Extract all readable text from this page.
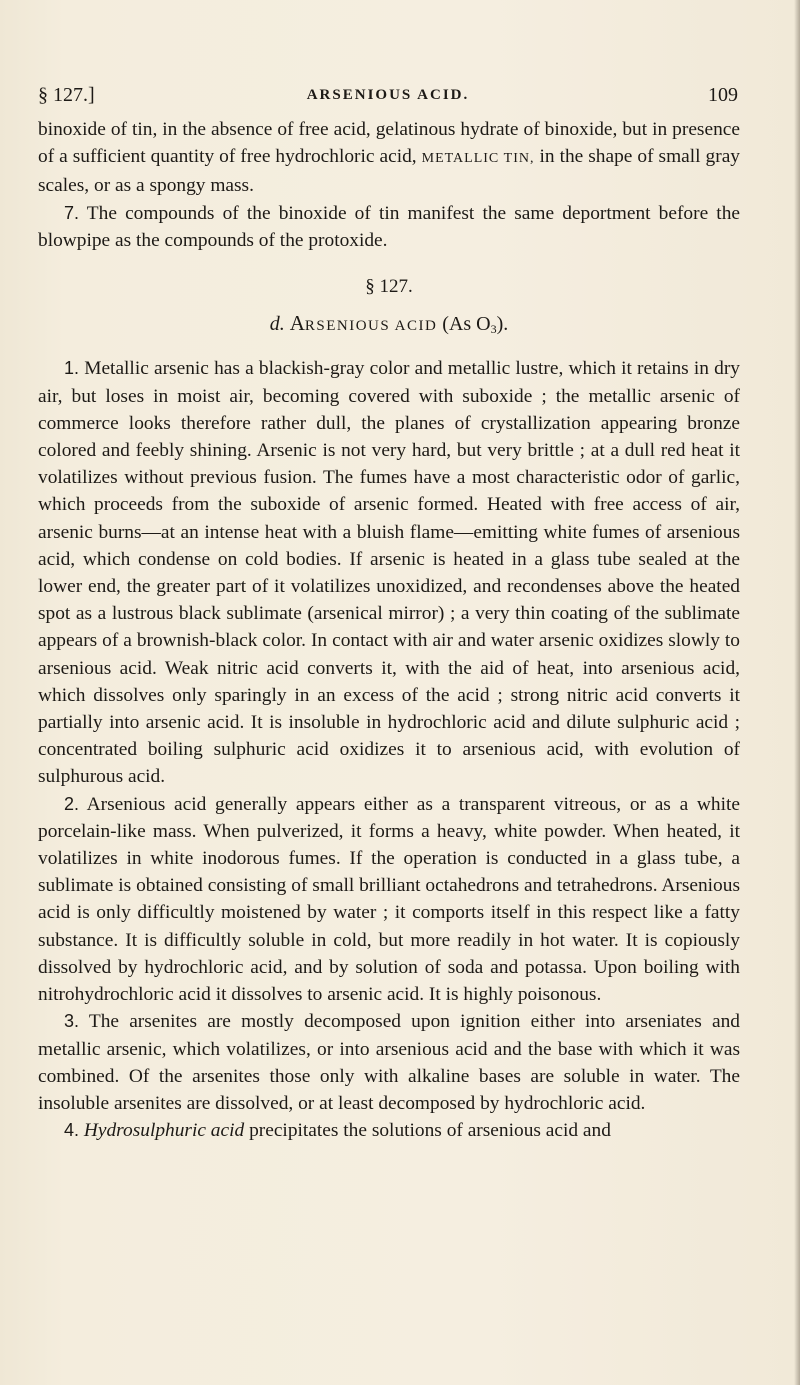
§ 127.]	ARSENIOUS ACID.	109

binoxide of tin, in the absence of free acid, gelatinous hydrate of binoxide, but in presence of a sufficient quantity of free hydrochloric acid, METALLIC TIN, in the shape of small gray scales, or as a spongy mass.

7. The compounds of the binoxide of tin manifest the same deportment before the blowpipe as the compounds of the protoxide.

§ 127.

d. ARSENIOUS ACID (As $O_3$).

1. Metallic arsenic has a blackish-gray color and metallic lustre, which it retains in dry air, but loses in moist air, becoming covered with suboxide ; the metallic arsenic of commerce looks therefore rather dull, the planes of crystallization appearing bronze colored and feebly shining. Arsenic is not very hard, but very brittle ; at a dull red heat it volatilizes without previous fusion. The fumes have a most characteristic odor of garlic, which proceeds from the suboxide of arsenic formed. Heated with free access of air, arsenic burns—at an intense heat with a bluish flame—emitting white fumes of arsenious acid, which condense on cold bodies. If arsenic is heated in a glass tube sealed at the lower end, the greater part of it volatilizes unoxidized, and recondenses above the heated spot as a lustrous black sublimate (arsenical mirror) ; a very thin coating of the sublimate appears of a brownish-black color. In contact with air and water arsenic oxidizes slowly to arsenious acid. Weak nitric acid converts it, with the aid of heat, into arsenious acid, which dissolves only sparingly in an excess of the acid ; strong nitric acid converts it partially into arsenic acid. It is insoluble in hydrochloric acid and dilute sulphuric acid ; concentrated boiling sulphuric acid oxidizes it to arsenious acid, with evolution of sulphurous acid.

2. Arsenious acid generally appears either as a transparent vitreous, or as a white porcelain-like mass. When pulverized, it forms a heavy, white powder. When heated, it volatilizes in white inodorous fumes. If the operation is conducted in a glass tube, a sublimate is obtained consisting of small brilliant octahedrons and tetrahedrons. Arsenious acid is only difficultly moistened by water ; it comports itself in this respect like a fatty substance. It is difficultly soluble in cold, but more readily in hot water. It is copiously dissolved by hydrochloric acid, and by solution of soda and potassa. Upon boiling with nitrohydrochloric acid it dissolves to arsenic acid. It is highly poisonous.

3. The arsenites are mostly decomposed upon ignition either into arseniates and metallic arsenic, which volatilizes, or into arsenious acid and the base with which it was combined. Of the arsenites those only with alkaline bases are soluble in water. The insoluble arsenites are dissolved, or at least decomposed by hydrochloric acid.

4. Hydrosulphuric acid precipitates the solutions of arsenious acid and
